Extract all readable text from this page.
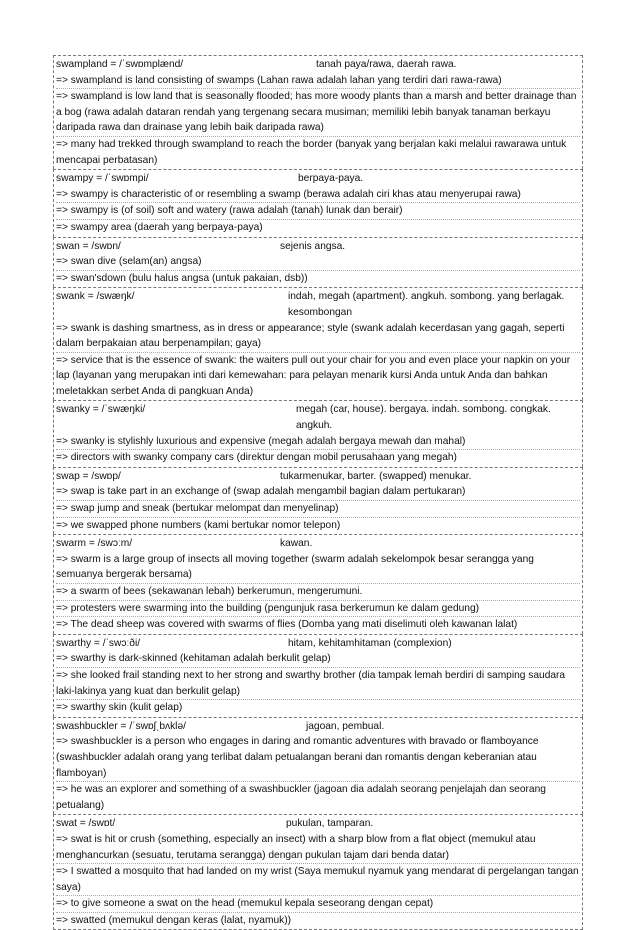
swampland = /ˈswɒmplænd/	tanah paya/rawa, daerah rawa.
=> swampland is land consisting of swamps (Lahan rawa adalah lahan yang terdiri dari rawa-rawa)
=> swampland is low land that is seasonally flooded; has more woody plants than a marsh and better drainage than a bog (rawa adalah dataran rendah yang tergenang secara musiman; memiliki lebih banyak tanaman berkayu daripada rawa dan drainase yang lebih baik daripada rawa)
=> many had trekked through swampland to reach the border (banyak yang berjalan kaki melalui rawarawa untuk mencapai perbatasan)
swampy = /ˈswɒmpi/	berpaya-paya.
=> swampy is characteristic of or resembling a swamp (berawa adalah ciri khas atau menyerupai rawa)
=> swampy is (of soil) soft and watery (rawa adalah (tanah) lunak dan berair)
=> swampy area (daerah yang berpaya-paya)
swan = /swɒn/	sejenis angsa.
=> swan dive (selam(an) angsa)
=> swan'sdown (bulu halus angsa (untuk pakaian, dsb))
swank = /swæŋk/	indah, megah (apartment). angkuh. sombong. yang berlagak. kesombongan
=> swank is dashing smartness, as in dress or appearance; style (swank adalah kecerdasan yang gagah, seperti dalam berpakaian atau berpenampilan; gaya)
=> service that is the essence of swank: the waiters pull out your chair for you and even place your napkin on your lap (layanan yang merupakan inti dari kemewahan: para pelayan menarik kursi Anda untuk Anda dan bahkan meletakkan serbet Anda di pangkuan Anda)
swanky = /ˈswæŋki/	megah (car, house). bergaya. indah. sombong. congkak. angkuh.
=> swanky is stylishly luxurious and expensive (megah adalah bergaya mewah dan mahal)
=> directors with swanky company cars (direktur dengan mobil perusahaan yang megah)
swap = /swɒp/	tukarmenukar, barter. (swapped) menukar.
=> swap is take part in an exchange of (swap adalah mengambil bagian dalam pertukaran)
=> swap jump and sneak (bertukar melompat dan menyelinap)
=> we swapped phone numbers (kami bertukar nomor telepon)
swarm = /swɔːm/	kawan.
=> swarm is a large group of insects all moving together (swarm adalah sekelompok besar serangga yang semuanya bergerak bersama)
=> a swarm of bees (sekawanan lebah) berkerumun, mengerumuni.
=> protesters were swarming into the building (pengunjuk rasa berkerumun ke dalam gedung)
=> The dead sheep was covered with swarms of flies (Domba yang mati diselimuti oleh kawanan lalat)
swarthy = /ˈswɔːði/	hitam, kehitamhitaman (complexion)
=> swarthy is dark-skinned (kehitaman adalah berkulit gelap)
=> she looked frail standing next to her strong and swarthy brother (dia tampak lemah berdiri di samping saudara laki-lakinya yang kuat dan berkulit gelap)
=> swarthy skin (kulit gelap)
swashbuckler = /ˈswɒʃˌbʌklə/	jagoan, pembual.
=> swashbuckler is a person who engages in daring and romantic adventures with bravado or flamboyance (swashbuckler adalah orang yang terlibat dalam petualangan berani dan romantis dengan keberanian atau flamboyan)
=> he was an explorer and something of a swashbuckler (jagoan dia adalah seorang penjelajah dan seorang petualang)
swat = /swɒt/	pukulan, tamparan.
=> swat is hit or crush (something, especially an insect) with a sharp blow from a flat object (memukul atau menghancurkan (sesuatu, terutama serangga) dengan pukulan tajam dari benda datar)
=> I swatted a mosquito that had landed on my wrist (Saya memukul nyamuk yang mendarat di pergelangan tangan saya)
=> to give someone a swat on the head (memukul kepala seseorang dengan cepat)
=> swatted (memukul dengan keras (lalat, nyamuk))
